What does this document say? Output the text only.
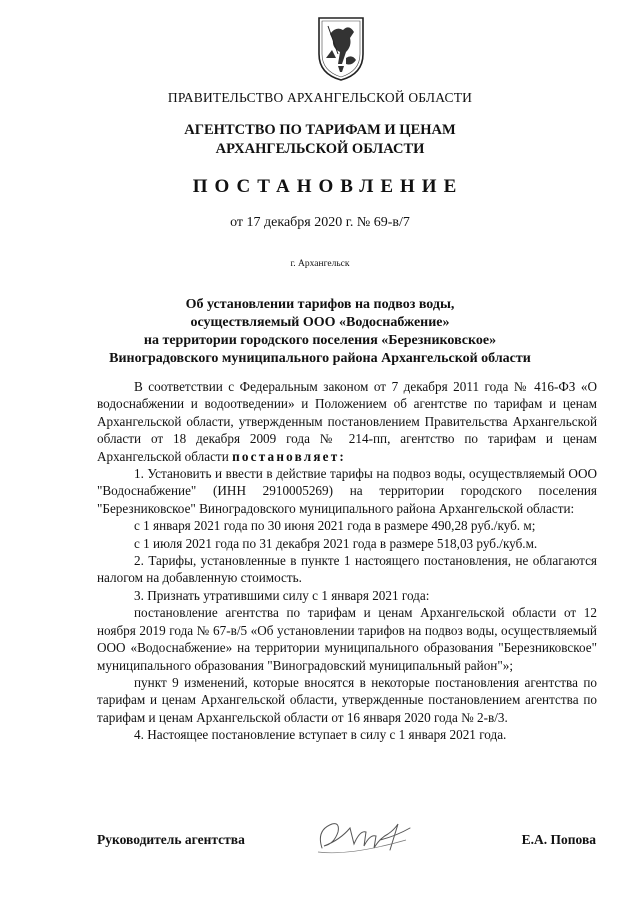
ПРАВИТЕЛЬСТВО АРХАНГЕЛЬСКОЙ ОБЛАСТИ
АГЕНТСТВО ПО ТАРИФАМ И ЦЕНАМ
АРХАНГЕЛЬСКОЙ ОБЛАСТИ
ПОСТАНОВЛЕНИЕ
от 17 декабря 2020 г. № 69-в/7
г. Архангельск
Об установлении тарифов на подвоз воды,
осуществляемый ООО «Водоснабжение»
на территории городского поселения «Березниковское»
Виноградовского муниципального района Архангельской области

В соответствии с Федеральным законом от 7 декабря 2011 года № 416-ФЗ «О водоснабжении и водоотведении» и Положением об агентстве по тарифам и ценам Архангельской области, утвержденным постановлением Правительства Архангельской области от 18 декабря 2009 года № 214-пп, агентство по тарифам и ценам Архангельской области постановляет:

1. Установить и ввести в действие тарифы на подвоз воды, осуществляемый ООО "Водоснабжение" (ИНН 2910005269) на территории городского поселения "Березниковское" Виноградовского муниципального района Архангельской области:

с 1 января 2021 года по 30 июня 2021 года в размере 490,28 руб./куб. м;

с 1 июля 2021 года по 31 декабря 2021 года в размере 518,03 руб./куб.м.

2. Тарифы, установленные в пункте 1 настоящего постановления, не облагаются налогом на добавленную стоимость.

3. Признать утратившими силу с 1 января 2021 года:

постановление агентства по тарифам и ценам Архангельской области от 12 ноября 2019 года № 67-в/5 «Об установлении тарифов на подвоз воды, осуществляемый ООО «Водоснабжение» на территории муниципального образования "Березниковское" муниципального образования "Виноградовский муниципальный район"»;

пункт 9 изменений, которые вносятся в некоторые постановления агентства по тарифам и ценам Архангельской области, утвержденные постановлением агентства по тарифам и ценам Архангельской области от 16 января 2020 года № 2-в/3.

4. Настоящее постановление вступает в силу с 1 января 2021 года.

Руководитель агентства	Е.А. Попова
